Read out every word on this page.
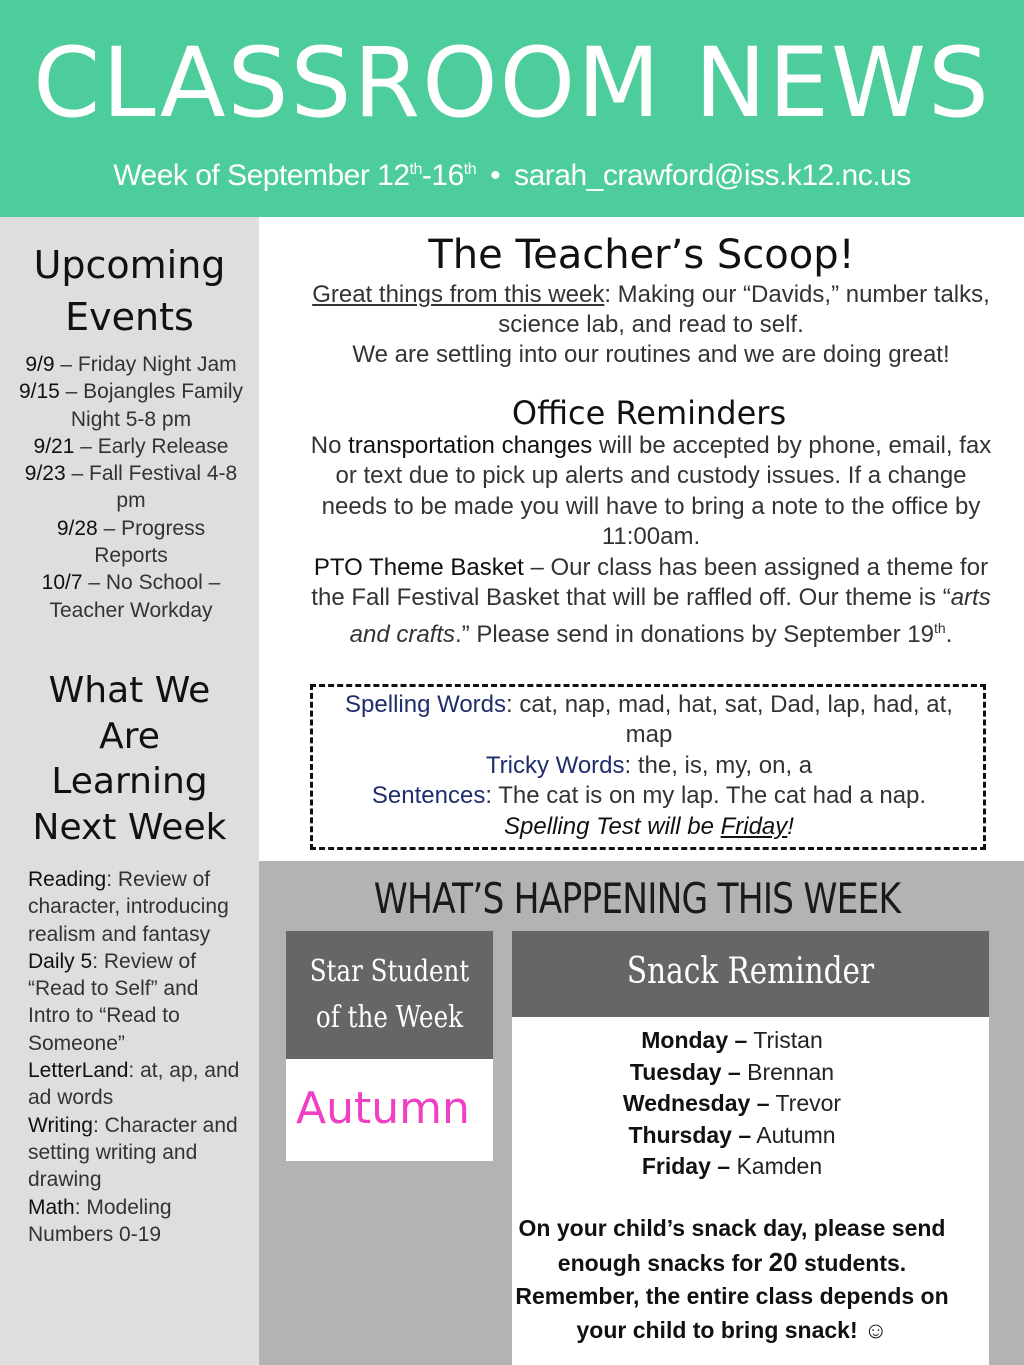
CLASSROOM NEWS
Week of September 12th-16th • sarah_crawford@iss.k12.nc.us
Upcoming
Events
9/9 – Friday Night Jam
9/15 – Bojangles Family Night 5-8 pm
9/21 – Early Release
9/23 – Fall Festival 4-8 pm
9/28 – Progress Reports
10/7 – No School – Teacher Workday
What We
Are
Learning
Next Week
Reading: Review of character, introducing realism and fantasy
Daily 5: Review of “Read to Self” and Intro to “Read to Someone”
LetterLand: at, ap, and ad words
Writing: Character and setting writing and drawing
Math: Modeling Numbers 0-19
The Teacher’s Scoop!
Great things from this week: Making our “Davids,” number talks, science lab, and read to self.
We are settling into our routines and we are doing great!
Office Reminders
No transportation changes will be accepted by phone, email, fax or text due to pick up alerts and custody issues. If a change needs to be made you will have to bring a note to the office by 11:00am.
PTO Theme Basket – Our class has been assigned a theme for the Fall Festival Basket that will be raffled off. Our theme is “arts and crafts.” Please send in donations by September 19th.
Spelling Words: cat, nap, mad, hat, sat, Dad, lap, had, at, map
Tricky Words: the, is, my, on, a
Sentences: The cat is on my lap. The cat had a nap.
Spelling Test will be Friday!
WHAT’S HAPPENING THIS WEEK
Star Student
of the Week
Autumn
Snack Reminder
Monday – Tristan
Tuesday – Brennan
Wednesday – Trevor
Thursday – Autumn
Friday – Kamden
On your child’s snack day, please send enough snacks for 20 students. Remember, the entire class depends on your child to bring snack! ☺
